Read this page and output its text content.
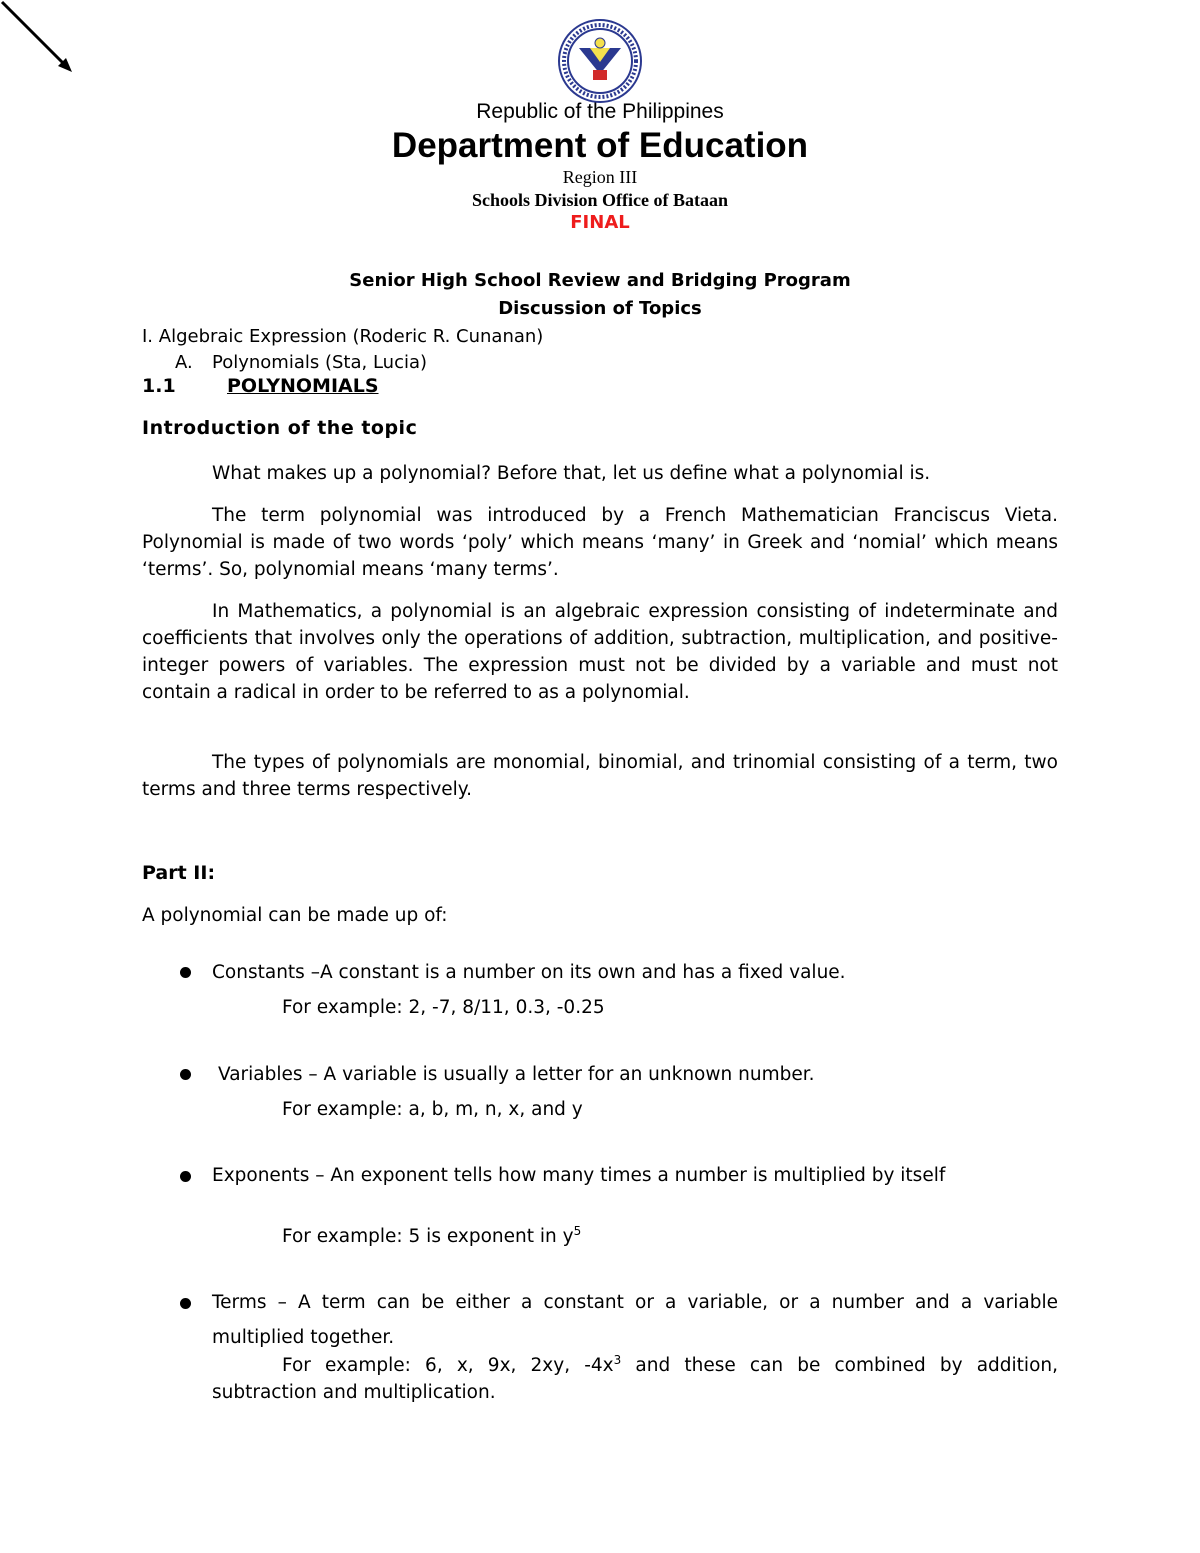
Republic of the Philippines
Department of Education
Region III
Schools Division Office of Bataan
FINAL
Senior High School Review and Bridging Program
Discussion of Topics
I. Algebraic Expression (Roderic R. Cunanan)
A. Polynomials (Sta, Lucia)
1.1	POLYNOMIALS
Introduction of the topic

What makes up a polynomial? Before that, let us define what a polynomial is.

The term polynomial was introduced by a French Mathematician Franciscus Vieta. Polynomial is made of two words ‘poly’ which means ‘many’ in Greek and ‘nomial’ which means ‘terms’. So, polynomial means ‘many terms’.

In Mathematics, a polynomial is an algebraic expression consisting of indeterminate and coefficients that involves only the operations of addition, subtraction, multiplication, and positive-integer powers of variables. The expression must not be divided by a variable and must not contain a radical in order to be referred to as a polynomial.

The types of polynomials are monomial, binomial, and trinomial consisting of a term, two terms and three terms respectively.

Part II:
A polynomial can be made up of:

Constants –A constant is a number on its own and has a fixed value.

For example: 2, -7, 8/11, 0.3, -0.25

Variables – A variable is usually a letter for an unknown number.

For example: a, b, m, n, x, and y

Exponents – An exponent tells how many times a number is multiplied by itself

For example: 5 is exponent in $y^5$

Terms – A term can be either a constant or a variable, or a number and a variable multiplied together.

For example: 6, x, 9x, 2xy, $-4x^3$ and these can be combined by addition, subtraction and multiplication.
